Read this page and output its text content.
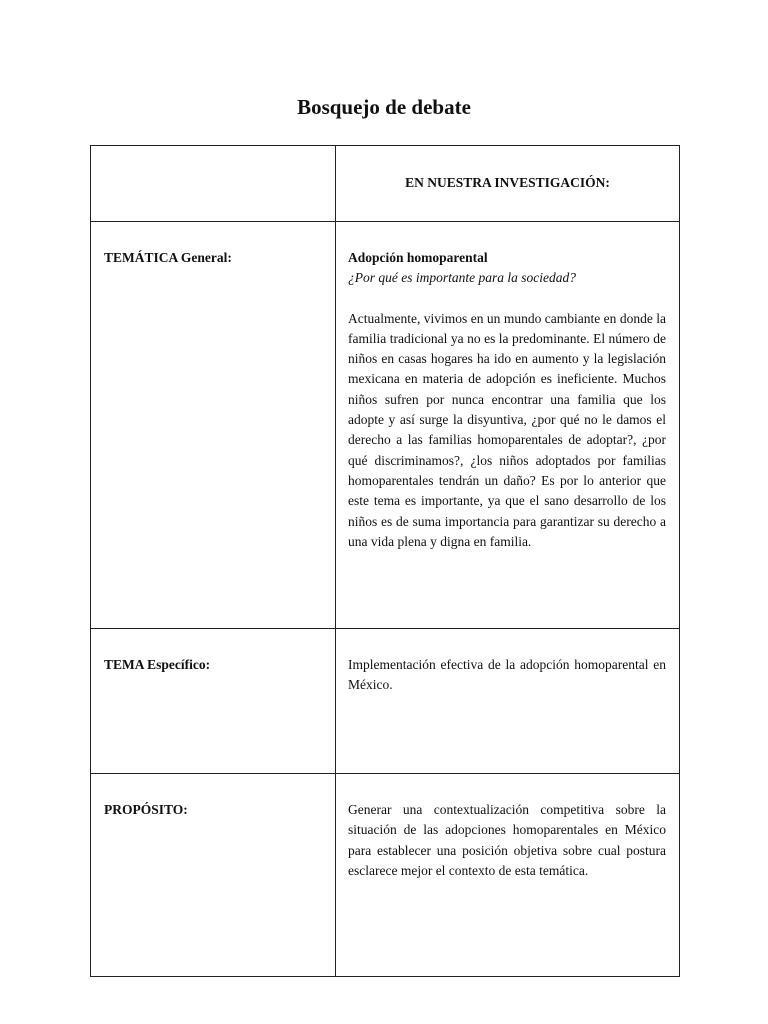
Bosquejo de debate
	EN NUESTRA INVESTIGACIÓN:
TEMÁTICA General:	Adopción homoparental
¿Por qué es importante para la sociedad?
Actualmente, vivimos en un mundo cambiante en donde la familia tradicional ya no es la predominante. El número de niños en casas hogares ha ido en aumento y la legislación mexicana en materia de adopción es ineficiente. Muchos niños sufren por nunca encontrar una familia que los adopte y así surge la disyuntiva, ¿por qué no le damos el derecho a las familias homoparentales de adoptar?, ¿por qué discriminamos?, ¿los niños adoptados por familias homoparentales tendrán un daño? Es por lo anterior que este tema es importante, ya que el sano desarrollo de los niños es de suma importancia para garantizar su derecho a una vida plena y digna en familia.

TEMA Específico:	Implementación efectiva de la adopción homoparental en México.

PROPÓSITO:	Generar una contextualización competitiva sobre la situación de las adopciones homoparentales en México para establecer una posición objetiva sobre cual postura esclarece mejor el contexto de esta temática.
